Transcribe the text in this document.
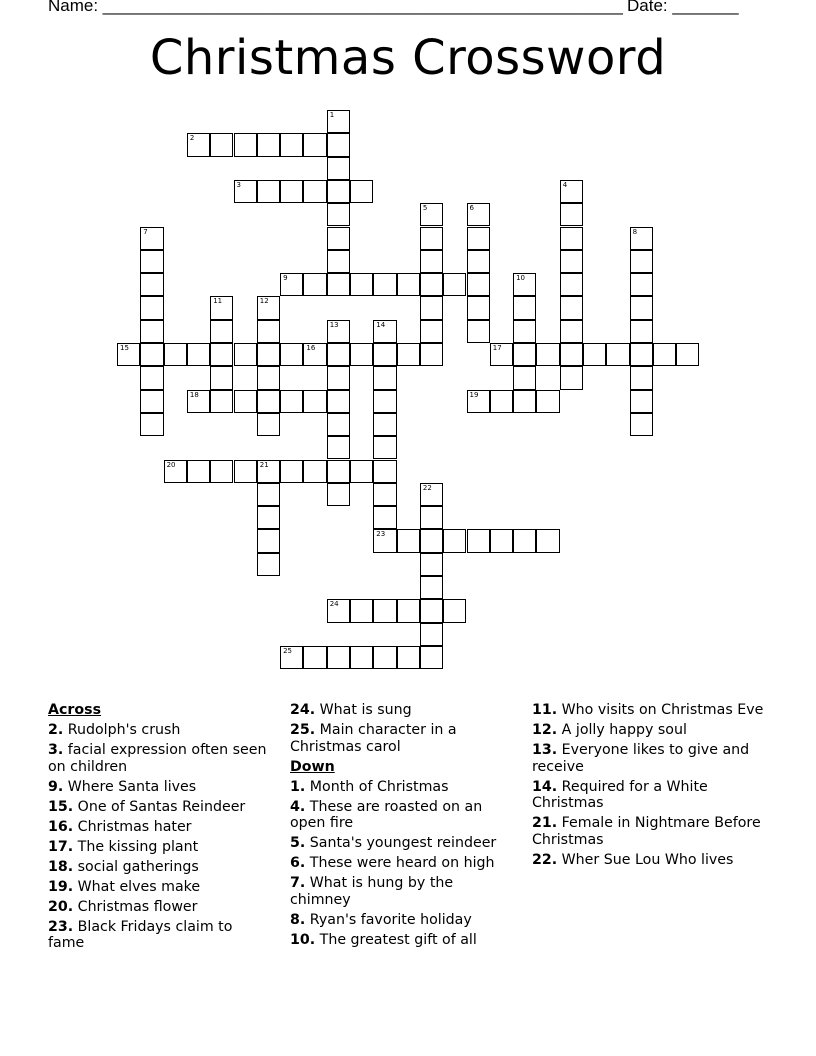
Name: _______________________________________________________ Date: _______
Christmas Crossword
2
3
9
15	16	17
18	19
20	21
23
24
25
1
4
5	6
7	8
10
11	12
13	14
22
Across
2. Rudolph's crush
3. facial expression often seen on children
9. Where Santa lives
15. One of Santas Reindeer
16. Christmas hater
17. The kissing plant
18. social gatherings
19. What elves make
20. Christmas flower
23. Black Fridays claim to fame
24. What is sung
25. Main character in a Christmas carol
Down
1. Month of Christmas
4. These are roasted on an open fire
5. Santa's youngest reindeer
6. These were heard on high
7. What is hung by the chimney
8. Ryan's favorite holiday
10. The greatest gift of all
11. Who visits on Christmas Eve
12. A jolly happy soul
13. Everyone likes to give and receive
14. Required for a White Christmas
21. Female in Nightmare Before Christmas
22. Wher Sue Lou Who lives
